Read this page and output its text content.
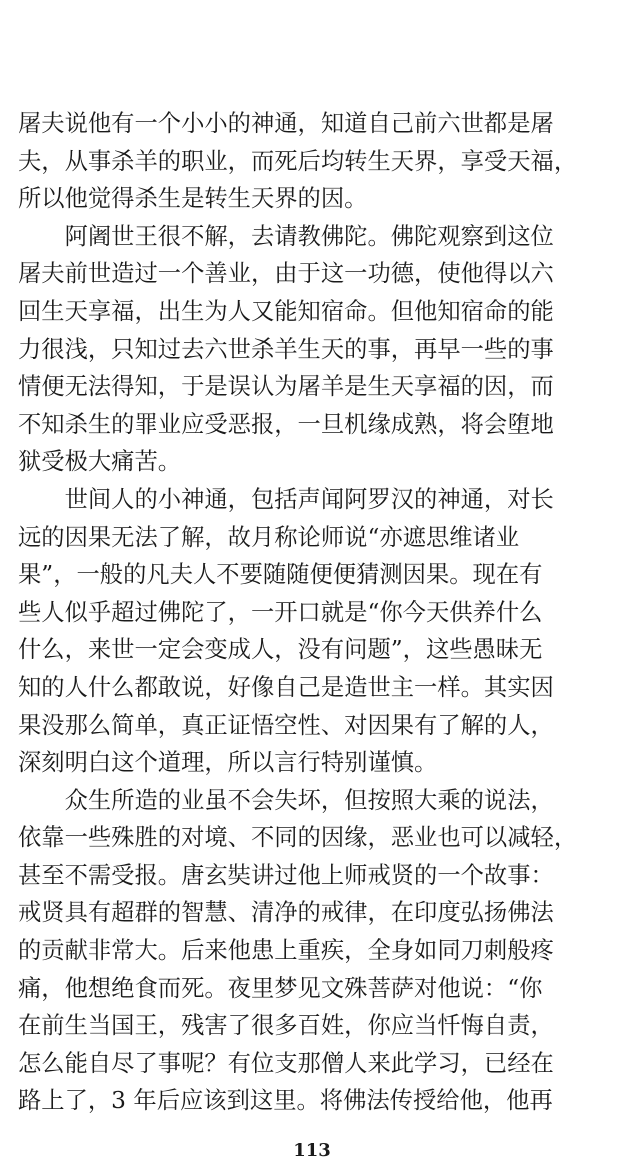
屠夫说他有一个小小的神通，知道自己前六世都是屠
夫，从事杀羊的职业，而死后均转生天界，享受天福，
所以他觉得杀生是转生天界的因。
　　阿阇世王很不解，去请教佛陀。佛陀观察到这位
屠夫前世造过一个善业，由于这一功德，使他得以六
回生天享福，出生为人又能知宿命。但他知宿命的能
力很浅，只知过去六世杀羊生天的事，再早一些的事
情便无法得知，于是误认为屠羊是生天享福的因，而
不知杀生的罪业应受恶报，一旦机缘成熟，将会堕地
狱受极大痛苦。
　　世间人的小神通，包括声闻阿罗汉的神通，对长
远的因果无法了解，故月称论师说“亦遮思维诸业
果”，一般的凡夫人不要随随便便猜测因果。现在有
些人似乎超过佛陀了，一开口就是“你今天供养什么
什么，来世一定会变成人，没有问题”，这些愚昧无
知的人什么都敢说，好像自己是造世主一样。其实因
果没那么简单，真正证悟空性、对因果有了解的人，
深刻明白这个道理，所以言行特别谨慎。
　　众生所造的业虽不会失坏，但按照大乘的说法，
依靠一些殊胜的对境、不同的因缘，恶业也可以减轻，
甚至不需受报。唐玄奘讲过他上师戒贤的一个故事：
戒贤具有超群的智慧、清净的戒律，在印度弘扬佛法
的贡献非常大。后来他患上重疾，全身如同刀刺般疼
痛，他想绝食而死。夜里梦见文殊菩萨对他说：“你
在前生当国王，残害了很多百姓，你应当忏悔自责，
怎么能自尽了事呢？有位支那僧人来此学习，已经在
路上了，3 年后应该到这里。将佛法传授给他，他再
113
